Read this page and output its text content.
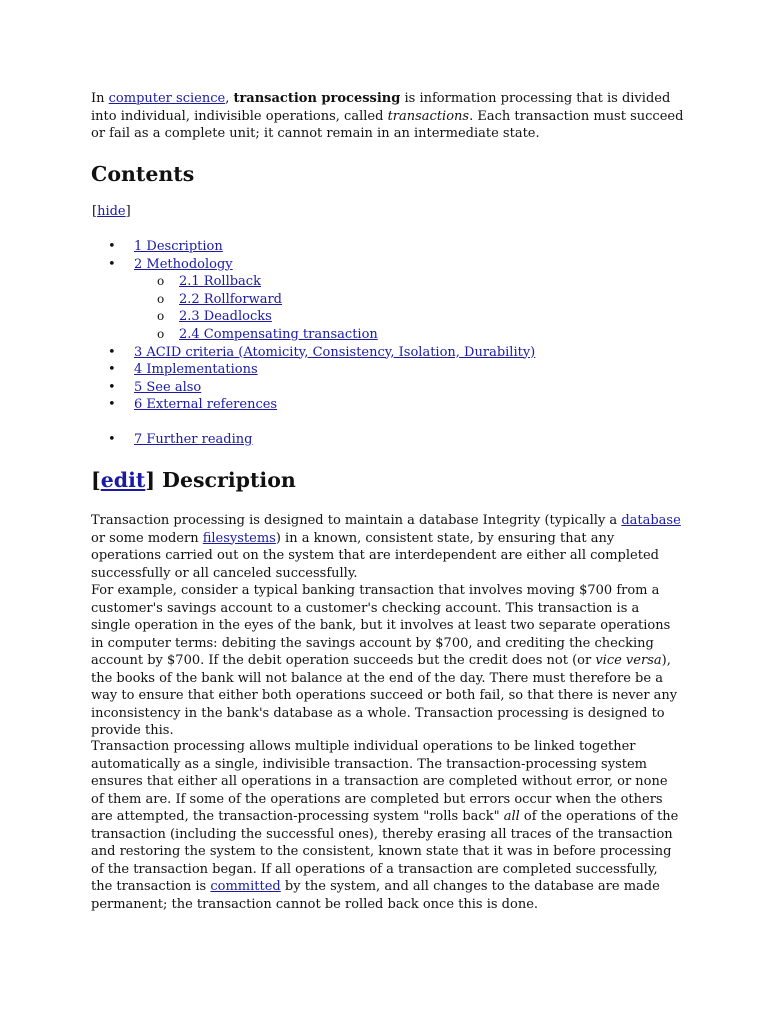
In computer science, transaction processing is information processing that is divided into individual, indivisible operations, called transactions. Each transaction must succeed or fail as a complete unit; it cannot remain in an intermediate state.

Contents
[hide]
• 1 Description
• 2 Methodology
o 2.1 Rollback
o 2.2 Rollforward
o 2.3 Deadlocks
o 2.4 Compensating transaction
• 3 ACID criteria (Atomicity, Consistency, Isolation, Durability)
• 4 Implementations
• 5 See also
• 6 External references
• 7 Further reading
[edit] Description

Transaction processing is designed to maintain a database Integrity (typically a database or some modern filesystems) in a known, consistent state, by ensuring that any operations carried out on the system that are interdependent are either all completed successfully or all canceled successfully.

For example, consider a typical banking transaction that involves moving $700 from a customer's savings account to a customer's checking account. This transaction is a single operation in the eyes of the bank, but it involves at least two separate operations in computer terms: debiting the savings account by $700, and crediting the checking account by $700. If the debit operation succeeds but the credit does not (or vice versa), the books of the bank will not balance at the end of the day. There must therefore be a way to ensure that either both operations succeed or both fail, so that there is never any inconsistency in the bank's database as a whole. Transaction processing is designed to provide this.

Transaction processing allows multiple individual operations to be linked together automatically as a single, indivisible transaction. The transaction-processing system ensures that either all operations in a transaction are completed without error, or none of them are. If some of the operations are completed but errors occur when the others are attempted, the transaction-processing system "rolls back" all of the operations of the transaction (including the successful ones), thereby erasing all traces of the transaction and restoring the system to the consistent, known state that it was in before processing of the transaction began. If all operations of a transaction are completed successfully, the transaction is committed by the system, and all changes to the database are made permanent; the transaction cannot be rolled back once this is done.
